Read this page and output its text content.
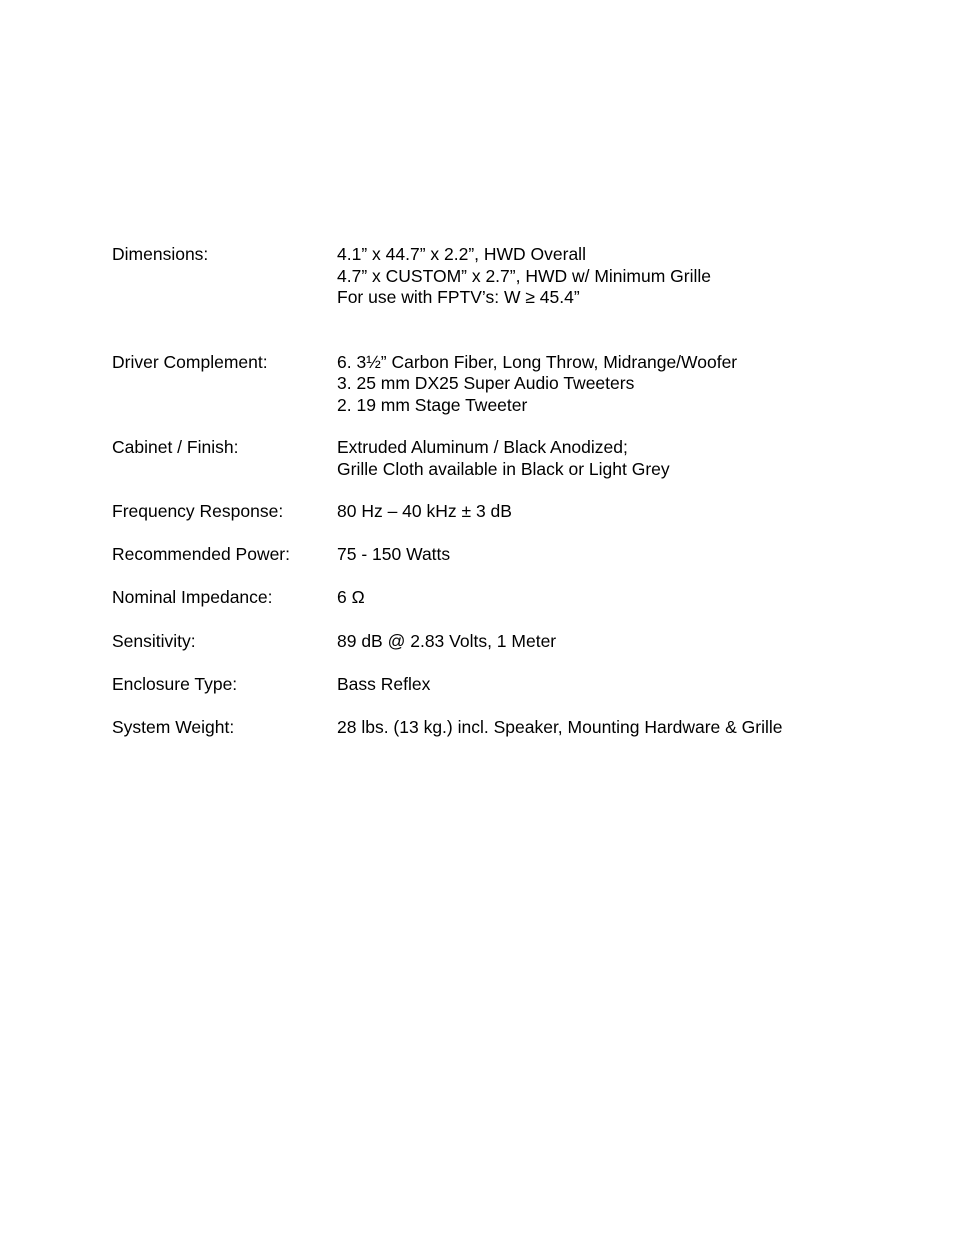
Dimensions:	4.1” x 44.7” x 2.2”, HWD Overall
4.7” x CUSTOM” x 2.7”, HWD w/ Minimum Grille
For use with FPTV’s: W ≥ 45.4”
Driver Complement:	6. 3½” Carbon Fiber, Long Throw, Midrange/Woofer
3. 25 mm DX25 Super Audio Tweeters
2. 19 mm Stage Tweeter
Cabinet / Finish:	Extruded Aluminum / Black Anodized;
Grille Cloth available in Black or Light Grey
Frequency Response:	80 Hz – 40 kHz ± 3 dB
Recommended Power:	75 - 150 Watts
Nominal Impedance:	6 Ω
Sensitivity:	89 dB @ 2.83 Volts, 1 Meter
Enclosure Type:	Bass Reflex
System Weight:	28 lbs. (13 kg.) incl. Speaker, Mounting Hardware & Grille
